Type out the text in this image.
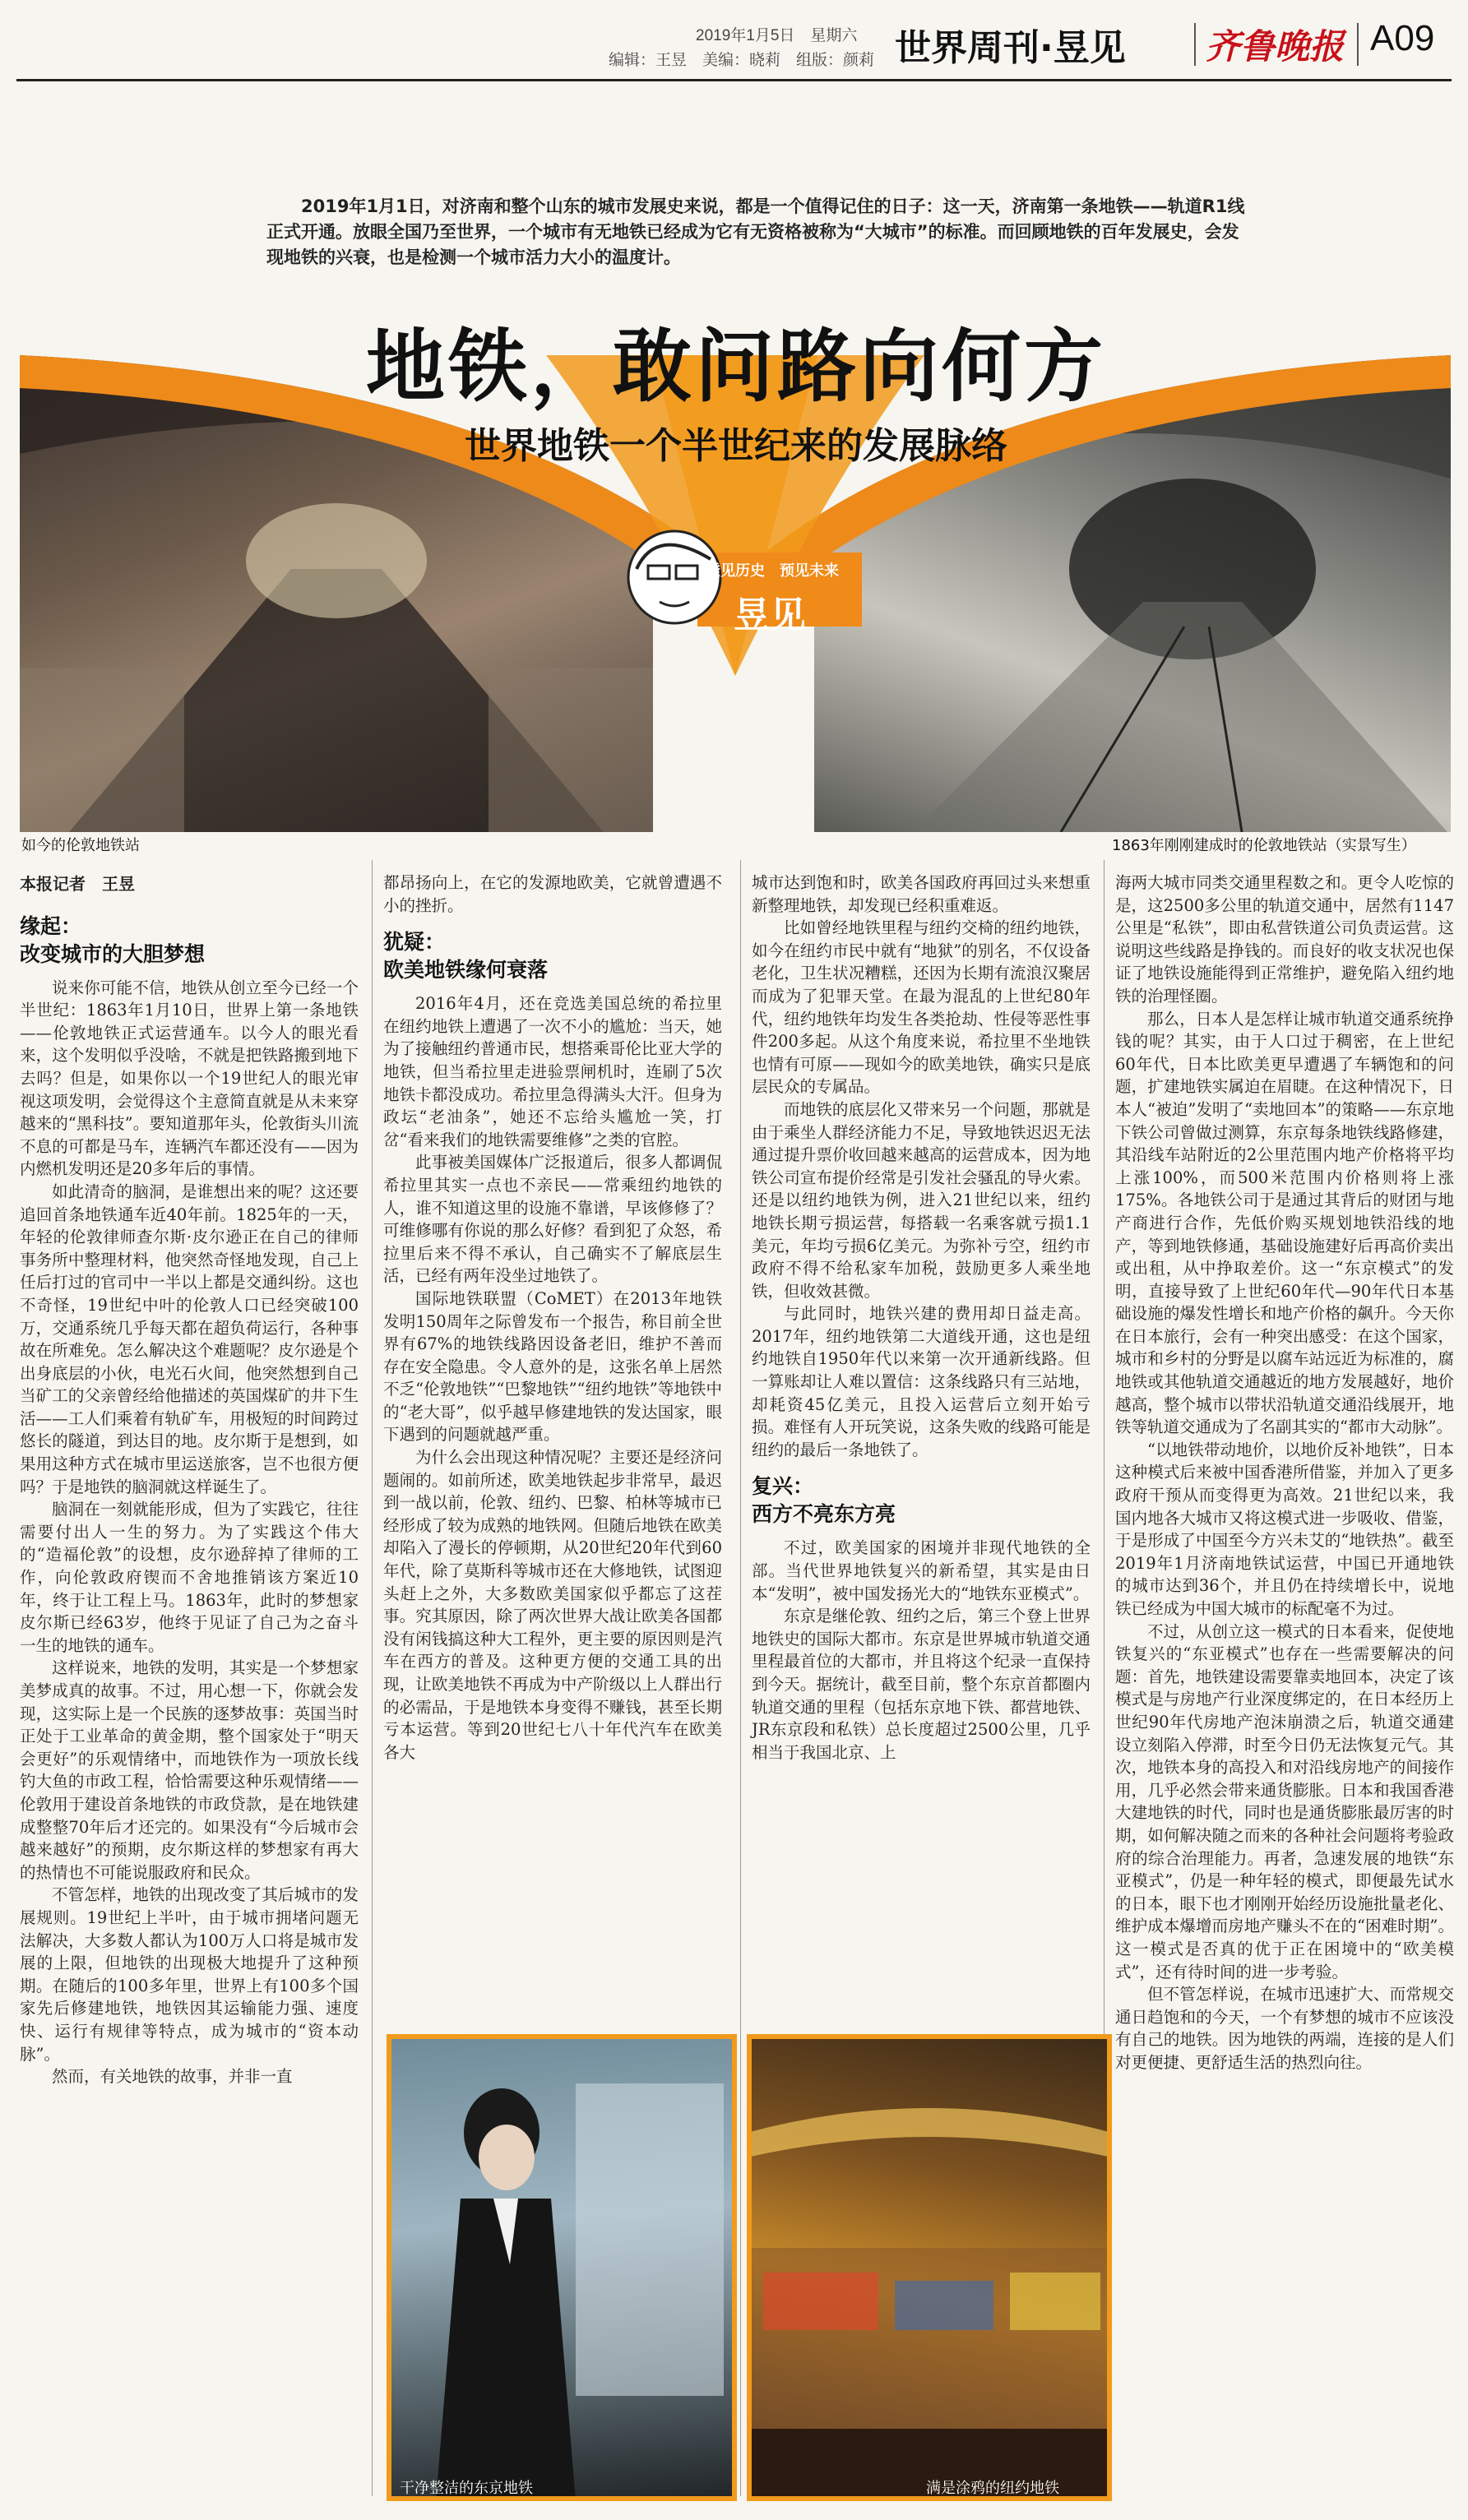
2019年1月5日　星期六
编辑：王昱　美编：晓莉　组版：颜莉 世界周刊·昱见 齐鲁晚报 A09
2019年1月1日，对济南和整个山东的城市发展史来说，都是一个值得记住的日子：这一天，济南第一条地铁——轨道R1线正式开通。放眼全国乃至世界，一个城市有无地铁已经成为它有无资格被称为“大城市”的标准。而回顾地铁的百年发展史，会发现地铁的兴衰，也是检测一个城市活力大小的温度计。
地铁，敢问路向何方
世界地铁一个半世纪来的发展脉络
透见历史　预见未来
昱见
如今的伦敦地铁站	1863年刚刚建成时的伦敦地铁站（实景写生）
本报记者　王昱
缘起：
改变城市的大胆梦想

说来你可能不信，地铁从创立至今已经一个半世纪：1863年1月10日，世界上第一条地铁——伦敦地铁正式运营通车。以今人的眼光看来，这个发明似乎没啥，不就是把铁路搬到地下去吗？但是，如果你以一个19世纪人的眼光审视这项发明，会觉得这个主意简直就是从未来穿越来的“黑科技”。要知道那年头，伦敦街头川流不息的可都是马车，连辆汽车都还没有——因为内燃机发明还是20多年后的事情。

如此清奇的脑洞，是谁想出来的呢？这还要追回首条地铁通车近40年前。1825年的一天，年轻的伦敦律师查尔斯·皮尔逊正在自己的律师事务所中整理材料，他突然奇怪地发现，自己上任后打过的官司中一半以上都是交通纠纷。这也不奇怪，19世纪中叶的伦敦人口已经突破100万，交通系统几乎每天都在超负荷运行，各种事故在所难免。怎么解决这个难题呢？皮尔逊是个出身底层的小伙，电光石火间，他突然想到自己当矿工的父亲曾经给他描述的英国煤矿的井下生活——工人们乘着有轨矿车，用极短的时间跨过悠长的隧道，到达目的地。皮尔斯于是想到，如果用这种方式在城市里运送旅客，岂不也很方便吗？于是地铁的脑洞就这样诞生了。

脑洞在一刻就能形成，但为了实践它，往往需要付出人一生的努力。为了实践这个伟大的“造福伦敦”的设想，皮尔逊辞掉了律师的工作，向伦敦政府锲而不舍地推销该方案近10年，终于让工程上马。1863年，此时的梦想家皮尔斯已经63岁，他终于见证了自己为之奋斗一生的地铁的通车。

这样说来，地铁的发明，其实是一个梦想家美梦成真的故事。不过，用心想一下，你就会发现，这实际上是一个民族的逐梦故事：英国当时正处于工业革命的黄金期，整个国家处于“明天会更好”的乐观情绪中，而地铁作为一项放长线钓大鱼的市政工程，恰恰需要这种乐观情绪——伦敦用于建设首条地铁的市政贷款，是在地铁建成整整70年后才还完的。如果没有“今后城市会越来越好”的预期，皮尔斯这样的梦想家有再大的热情也不可能说服政府和民众。

不管怎样，地铁的出现改变了其后城市的发展规则。19世纪上半叶，由于城市拥堵问题无法解决，大多数人都认为100万人口将是城市发展的上限，但地铁的出现极大地提升了这种预期。在随后的100多年里，世界上有100多个国家先后修建地铁，地铁因其运输能力强、速度快、运行有规律等特点，成为城市的“资本动脉”。

然而，有关地铁的故事，并非一直

都昂扬向上，在它的发源地欧美，它就曾遭遇不小的挫折。

犹疑：
欧美地铁缘何衰落

2016年4月，还在竞选美国总统的希拉里在纽约地铁上遭遇了一次不小的尴尬：当天，她为了接触纽约普通市民，想搭乘哥伦比亚大学的地铁，但当希拉里走进验票闸机时，连刷了5次地铁卡都没成功。希拉里急得满头大汗。但身为政坛“老油条”，她还不忘给头尴尬一笑，打岔“看来我们的地铁需要维修”之类的官腔。

此事被美国媒体广泛报道后，很多人都调侃希拉里其实一点也不亲民——常乘纽约地铁的人，谁不知道这里的设施不靠谱，早该修修了？可维修哪有你说的那么好修？看到犯了众怒，希拉里后来不得不承认，自己确实不了解底层生活，已经有两年没坐过地铁了。

国际地铁联盟（CoMET）在2013年地铁发明150周年之际曾发布一个报告，称目前全世界有67%的地铁线路因设备老旧，维护不善而存在安全隐患。令人意外的是，这张名单上居然不乏“伦敦地铁”“巴黎地铁”“纽约地铁”等地铁中的“老大哥”，似乎越早修建地铁的发达国家，眼下遇到的问题就越严重。

为什么会出现这种情况呢？主要还是经济问题闹的。如前所述，欧美地铁起步非常早，最迟到一战以前，伦敦、纽约、巴黎、柏林等城市已经形成了较为成熟的地铁网。但随后地铁在欧美却陷入了漫长的停顿期，从20世纪20年代到60年代，除了莫斯科等城市还在大修地铁，试图迎头赶上之外，大多数欧美国家似乎都忘了这茬事。究其原因，除了两次世界大战让欧美各国都没有闲钱搞这种大工程外，更主要的原因则是汽车在西方的普及。这种更方便的交通工具的出现，让欧美地铁不再成为中产阶级以上人群出行的必需品，于是地铁本身变得不赚钱，甚至长期亏本运营。等到20世纪七八十年代汽车在欧美各大

城市达到饱和时，欧美各国政府再回过头来想重新整理地铁，却发现已经积重难返。

比如曾经地铁里程与纽约交椅的纽约地铁，如今在纽约市民中就有“地狱”的别名，不仅设备老化，卫生状况糟糕，还因为长期有流浪汉聚居而成为了犯罪天堂。在最为混乱的上世纪80年代，纽约地铁年均发生各类抢劫、性侵等恶性事件200多起。从这个角度来说，希拉里不坐地铁也情有可原——现如今的欧美地铁，确实只是底层民众的专属品。

而地铁的底层化又带来另一个问题，那就是由于乘坐人群经济能力不足，导致地铁迟迟无法通过提升票价收回越来越高的运营成本，因为地铁公司宣布提价经常是引发社会骚乱的导火索。还是以纽约地铁为例，进入21世纪以来，纽约地铁长期亏损运营，每搭载一名乘客就亏损1.1美元，年均亏损6亿美元。为弥补亏空，纽约市政府不得不给私家车加税，鼓励更多人乘坐地铁，但收效甚微。

与此同时，地铁兴建的费用却日益走高。2017年，纽约地铁第二大道线开通，这也是纽约地铁自1950年代以来第一次开通新线路。但一算账却让人难以置信：这条线路只有三站地，却耗资45亿美元，且投入运营后立刻开始亏损。难怪有人开玩笑说，这条失败的线路可能是纽约的最后一条地铁了。

复兴：
西方不亮东方亮

不过，欧美国家的困境并非现代地铁的全部。当代世界地铁复兴的新希望，其实是由日本“发明”，被中国发扬光大的“地铁东亚模式”。

东京是继伦敦、纽约之后，第三个登上世界地铁史的国际大都市。东京是世界城市轨道交通里程最首位的大都市，并且将这个纪录一直保持到今天。据统计，截至目前，整个东京首都圈内轨道交通的里程（包括东京地下铁、都营地铁、JR东京段和私铁）总长度超过2500公里，几乎相当于我国北京、上

海两大城市同类交通里程数之和。更令人吃惊的是，这2500多公里的轨道交通中，居然有1147公里是“私铁”，即由私营铁道公司负责运营。这说明这些线路是挣钱的。而良好的收支状况也保证了地铁设施能得到正常维护，避免陷入纽约地铁的治理怪圈。

那么，日本人是怎样让城市轨道交通系统挣钱的呢？其实，由于人口过于稠密，在上世纪60年代，日本比欧美更早遭遇了车辆饱和的问题，扩建地铁实属迫在眉睫。在这种情况下，日本人“被迫”发明了“卖地回本”的策略——东京地下铁公司曾做过测算，东京每条地铁线路修建，其沿线车站附近的2公里范围内地产价格将平均上涨100%，而500米范围内价格则将上涨175%。各地铁公司于是通过其背后的财团与地产商进行合作，先低价购买规划地铁沿线的地产，等到地铁修通，基础设施建好后再高价卖出或出租，从中挣取差价。这一“东京模式”的发明，直接导致了上世纪60年代—90年代日本基础设施的爆发性增长和地产价格的飙升。今天你在日本旅行，会有一种突出感受：在这个国家，城市和乡村的分野是以腐车站远近为标准的，腐地铁或其他轨道交通越近的地方发展越好，地价越高，整个城市以带状沿轨道交通沿线展开，地铁等轨道交通成为了名副其实的“都市大动脉”。

“以地铁带动地价，以地价反补地铁”，日本这种模式后来被中国香港所借鉴，并加入了更多政府干预从而变得更为高效。21世纪以来，我国内地各大城市又将这模式进一步吸收、借鉴，于是形成了中国至今方兴未艾的“地铁热”。截至2019年1月济南地铁试运营，中国已开通地铁的城市达到36个，并且仍在持续增长中，说地铁已经成为中国大城市的标配毫不为过。

不过，从创立这一模式的日本看来，促使地铁复兴的“东亚模式”也存在一些需要解决的问题：首先，地铁建设需要靠卖地回本，决定了该模式是与房地产行业深度绑定的，在日本经历上世纪90年代房地产泡沫崩溃之后，轨道交通建设立刻陷入停滞，时至今日仍无法恢复元气。其次，地铁本身的高投入和对沿线房地产的间接作用，几乎必然会带来通货膨胀。日本和我国香港大建地铁的时代，同时也是通货膨胀最厉害的时期，如何解决随之而来的各种社会问题将考验政府的综合治理能力。再者，急速发展的地铁“东亚模式”，仍是一种年轻的模式，即便最先试水的日本，眼下也才刚刚开始经历设施批量老化、维护成本爆增而房地产赚头不在的“困难时期”。这一模式是否真的优于正在困境中的“欧美模式”，还有待时间的进一步考验。

但不管怎样说，在城市迅速扩大、而常规交通日趋饱和的今天，一个有梦想的城市不应该没有自己的地铁。因为地铁的两端，连接的是人们对更便捷、更舒适生活的热烈向往。

干净整洁的东京地铁	满是涂鸦的纽约地铁
